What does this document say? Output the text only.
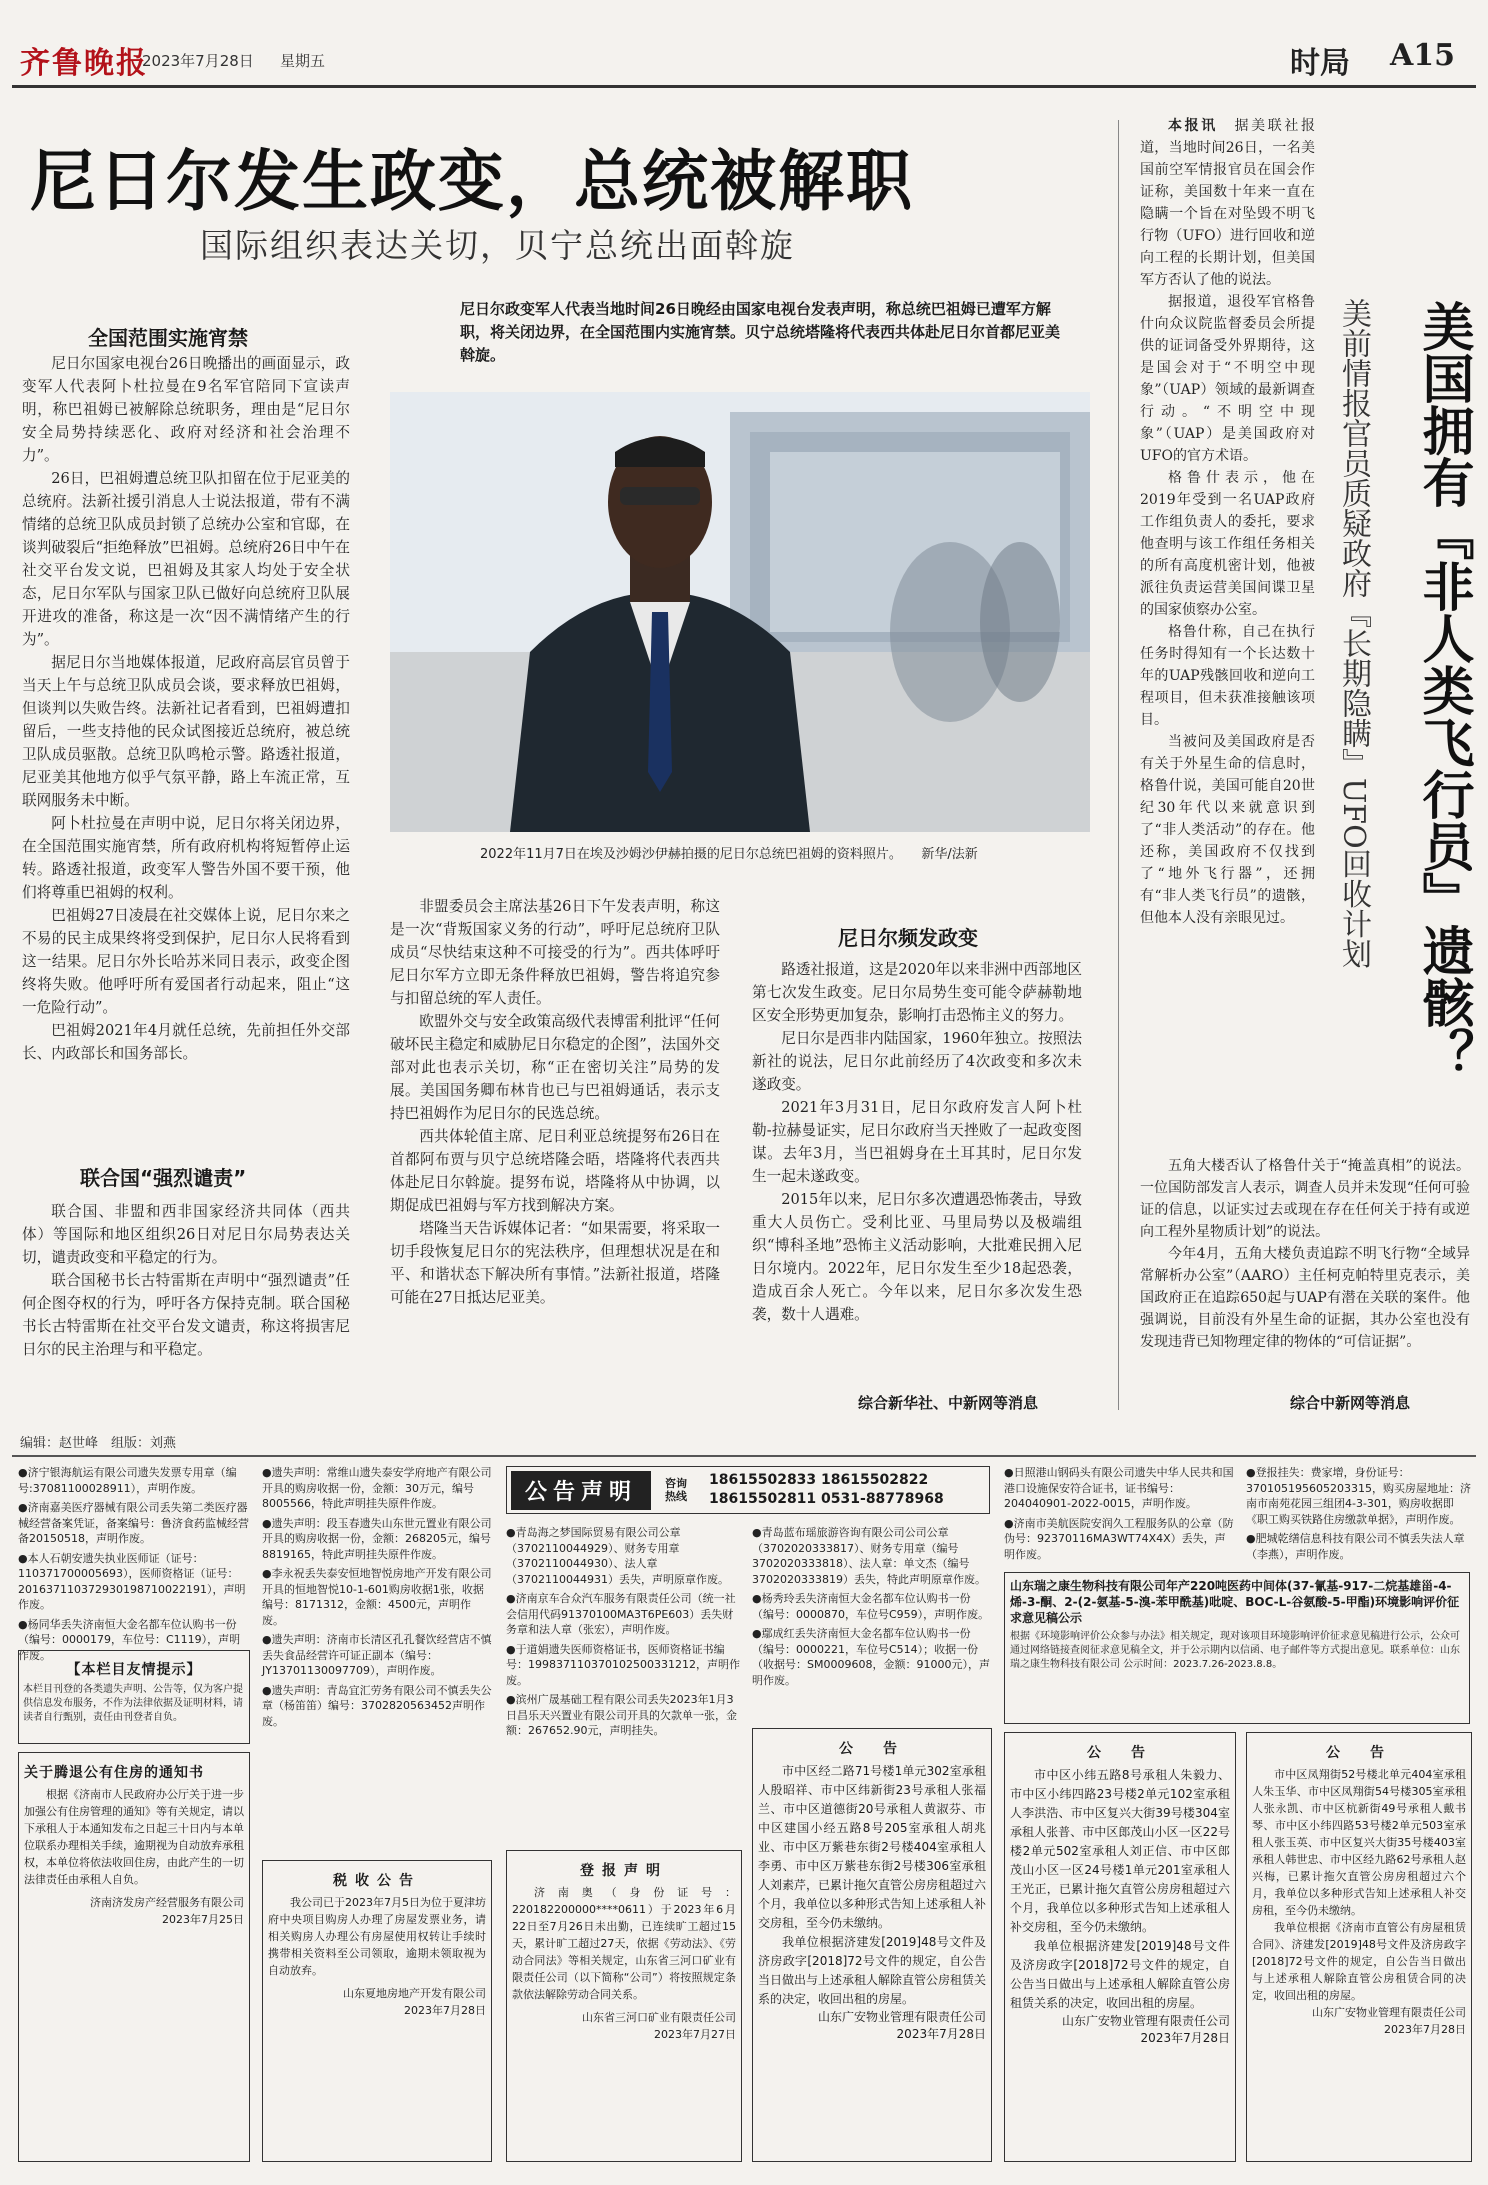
齐鲁晚报
2023年7月28日 星期五	时局 A15
尼日尔发生政变，总统被解职
国际组织表达关切，贝宁总统出面斡旋
尼日尔政变军人代表当地时间26日晚经由国家电视台发表声明，称总统巴祖姆已遭军方解职，将关闭边界，在全国范围内实施宵禁。贝宁总统塔隆将代表西共体赴尼日尔首都尼亚美斡旋。
2022年11月7日在埃及沙姆沙伊赫拍摄的尼日尔总统巴祖姆的资料照片。　　新华/法新
全国范围实施宵禁

尼日尔国家电视台26日晚播出的画面显示，政变军人代表阿卜杜拉曼在9名军官陪同下宣读声明，称巴祖姆已被解除总统职务，理由是“尼日尔安全局势持续恶化、政府对经济和社会治理不力”。

26日，巴祖姆遭总统卫队扣留在位于尼亚美的总统府。法新社援引消息人士说法报道，带有不满情绪的总统卫队成员封锁了总统办公室和官邸，在谈判破裂后“拒绝释放”巴祖姆。总统府26日中午在社交平台发文说，巴祖姆及其家人均处于安全状态，尼日尔军队与国家卫队已做好向总统府卫队展开进攻的准备，称这是一次“因不满情绪产生的行为”。

据尼日尔当地媒体报道，尼政府高层官员曾于当天上午与总统卫队成员会谈，要求释放巴祖姆，但谈判以失败告终。法新社记者看到，巴祖姆遭扣留后，一些支持他的民众试图接近总统府，被总统卫队成员驱散。总统卫队鸣枪示警。路透社报道，尼亚美其他地方似乎气氛平静，路上车流正常，互联网服务未中断。

阿卜杜拉曼在声明中说，尼日尔将关闭边界，在全国范围实施宵禁，所有政府机构将短暂停止运转。路透社报道，政变军人警告外国不要干预，他们将尊重巴祖姆的权利。

巴祖姆27日凌晨在社交媒体上说，尼日尔来之不易的民主成果终将受到保护，尼日尔人民将看到这一结果。尼日尔外长哈苏米同日表示，政变企图终将失败。他呼吁所有爱国者行动起来，阻止“这一危险行动”。

巴祖姆2021年4月就任总统，先前担任外交部长、内政部长和国务部长。

联合国“强烈谴责”

联合国、非盟和西非国家经济共同体（西共体）等国际和地区组织26日对尼日尔局势表达关切，谴责政变和平稳定的行为。

联合国秘书长古特雷斯在声明中“强烈谴责”任何企图夺权的行为，呼吁各方保持克制。联合国秘书长古特雷斯在社交平台发文谴责，称这将损害尼日尔的民主治理与和平稳定。

非盟委员会主席法基26日下午发表声明，称这是一次“背叛国家义务的行动”，呼吁尼总统府卫队成员“尽快结束这种不可接受的行为”。西共体呼吁尼日尔军方立即无条件释放巴祖姆，警告将追究参与扣留总统的军人责任。

欧盟外交与安全政策高级代表博雷利批评“任何破坏民主稳定和威胁尼日尔稳定的企图”，法国外交部对此也表示关切，称“正在密切关注”局势的发展。美国国务卿布林肯也已与巴祖姆通话，表示支持巴祖姆作为尼日尔的民选总统。

西共体轮值主席、尼日利亚总统提努布26日在首都阿布贾与贝宁总统塔隆会晤，塔隆将代表西共体赴尼日尔斡旋。提努布说，塔隆将从中协调，以期促成巴祖姆与军方找到解决方案。

塔隆当天告诉媒体记者：“如果需要，将采取一切手段恢复尼日尔的宪法秩序，但理想状况是在和平、和谐状态下解决所有事情。”法新社报道，塔隆可能在27日抵达尼亚美。

尼日尔频发政变

路透社报道，这是2020年以来非洲中西部地区第七次发生政变。尼日尔局势生变可能令萨赫勒地区安全形势更加复杂，影响打击恐怖主义的努力。

尼日尔是西非内陆国家，1960年独立。按照法新社的说法，尼日尔此前经历了4次政变和多次未遂政变。

2021年3月31日，尼日尔政府发言人阿卜杜勒-拉赫曼证实，尼日尔政府当天挫败了一起政变图谋。去年3月，当巴祖姆身在土耳其时，尼日尔发生一起未遂政变。

2015年以来，尼日尔多次遭遇恐怖袭击，导致重大人员伤亡。受利比亚、马里局势以及极端组织“博科圣地”恐怖主义活动影响，大批难民拥入尼日尔境内。2022年，尼日尔发生至少18起恐袭，造成百余人死亡。今年以来，尼日尔多次发生恐袭，数十人遇难。

综合新华社、中新网等消息
美国拥有『非人类飞行员』遗骸？
美前情报官员质疑政府『长期隐瞒』UFO回收计划

本报讯　 据美联社报道，当地时间26日，一名美国前空军情报官员在国会作证称，美国数十年来一直在隐瞒一个旨在对坠毁不明飞行物（UFO）进行回收和逆向工程的长期计划，但美国军方否认了他的说法。

据报道，退役军官格鲁什向众议院监督委员会所提供的证词备受外界期待，这是国会对于“不明空中现象”（UAP）领域的最新调查行动。“不明空中现象”（UAP）是美国政府对UFO的官方术语。

格鲁什表示，他在2019年受到一名UAP政府工作组负责人的委托，要求他查明与该工作组任务相关的所有高度机密计划，他被派往负责运营美国间谍卫星的国家侦察办公室。

格鲁什称，自己在执行任务时得知有一个长达数十年的UAP残骸回收和逆向工程项目，但未获准接触该项目。

当被问及美国政府是否有关于外星生命的信息时，格鲁什说，美国可能自20世纪30年代以来就意识到了“非人类活动”的存在。他还称，美国政府不仅找到了“地外飞行器”，还拥有“非人类飞行员”的遗骸，但他本人没有亲眼见过。

五角大楼否认了格鲁什关于“掩盖真相”的说法。一位国防部发言人表示，调查人员并未发现“任何可验证的信息，以证实过去或现在存在任何关于持有或逆向工程外星物质计划”的说法。

今年4月，五角大楼负责追踪不明飞行物“全域异常解析办公室”（AARO）主任柯克帕特里克表示，美国政府正在追踪650起与UAP有潜在关联的案件。他强调说，目前没有外星生命的证据，其办公室也没有发现违背已知物理定律的物体的“可信证据”。

综合中新网等消息
编辑：赵世峰　组版：刘燕

●济宁银海航运有限公司遗失发票专用章（编号:37081100028911），声明作废。

●济南嘉美医疗器械有限公司丢失第二类医疗器械经营备案凭证，备案编号：鲁济食药监械经营备20150518，声明作废。

●本人石朝安遗失执业医师证（证号：110371700005693），医师资格证（证号：201637110372930198710022191），声明作废。

●杨同华丢失济南恒大金名都车位认购书一份（编号：0000179，车位号：C1119），声明作废。

【本栏目友情提示】
本栏目刊登的各类遗失声明、公告等，仅为客户提供信息发布服务，不作为法律依据及证明材料，请读者自行甄别，责任由刊登者自负。
关于腾退公有住房的通知书

根据《济南市人民政府办公厅关于进一步加强公有住房管理的通知》等有关规定，请以下承租人于本通知发布之日起三十日内与本单位联系办理相关手续，逾期视为自动放弃承租权，本单位将依法收回住房，由此产生的一切法律责任由承租人自负。

济南济发房产经营服务有限公司
2023年7月25日

●遗失声明：常维山遗失泰安学府地产有限公司开具的购房收据一份，金额：30万元，编号8005566，特此声明挂失原件作废。

●遗失声明：段玉春遗失山东世元置业有限公司开具的购房收据一份，金额：268205元，编号8819165，特此声明挂失原件作废。

●李永祝丢失泰安恒地智悦房地产开发有限公司开具的恒地智悦10-1-601购房收据1张，收据编号：8171312，金额：4500元，声明作废。

●遗失声明：济南市长清区孔孔餐饮经营店不慎丢失食品经营许可证正副本（编号：JY13701130097709），声明作废。

●遗失声明：青岛宜汇劳务有限公司不慎丢失公章（杨笛笛）编号：3702820563452声明作废。

税收公告

我公司已于2023年7月5日为位于夏津坊府中央项目购房人办理了房屋发票业务，请相关购房人办理公有房屋使用权转让手续时携带相关资料至公司领取，逾期未领取视为自动放弃。

山东夏地房地产开发有限公司
2023年7月28日
公告声明	咨询热线
18615502833 18615502822
18615502811 0531-88778968

●青岛海之梦国际贸易有限公司公章（3702110044929）、财务专用章（3702110044930）、法人章（3702110044931）丢失，声明原章作废。

●济南京车合众汽车服务有限责任公司（统一社会信用代码91370100MA3T6PE603）丢失财务章和法人章（张宏），声明作废。

●于道娟遗失医师资格证书，医师资格证书编号：199837110370102500331212，声明作废。

●滨州广晟基础工程有限公司丢失2023年1月3日昌乐天兴置业有限公司开具的欠款单一张，金额：267652.90元，声明挂失。

登报声明

济南奥（身份证号：220182200000****0611）于2023年6月22日至7月26日未出勤，已连续旷工超过15天，累计旷工超过27天，依据《劳动法》、《劳动合同法》等相关规定，山东省三河口矿业有限责任公司（以下简称“公司”）将按照规定条款依法解除劳动合同关系。

山东省三河口矿业有限责任公司
2023年7月27日

●青岛蓝布瑶旅游咨询有限公司公司公章（3702020333817）、财务专用章（编号3702020333818）、法人章：单文杰（编号3702020333819）丢失，特此声明原章作废。

●杨秀玲丢失济南恒大金名都车位认购书一份（编号：0000870，车位号C959），声明作废。

●鄢成红丢失济南恒大金名都车位认购书一份（编号：0000221，车位号C514）；收据一份（收据号：SM0009608，金额：91000元），声明作废。

公　告

市中区经二路71号楼1单元302室承租人殷昭祥、市中区纬新街23号承租人张福兰、市中区道德街20号承租人黄淑芬、市中区建国小经五路8号205室承租人胡兆业、市中区万紫巷东街2号楼404室承租人李勇、市中区万紫巷东街2号楼306室承租人刘素芹，已累计拖欠直管公房房租超过六个月，我单位以多种形式告知上述承租人补交房租，至今仍未缴纳。

我单位根据济建发[2019]48号文件及济房政字[2018]72号文件的规定，自公告当日做出与上述承租人解除直管公房租赁关系的决定，收回出租的房屋。

山东广安物业管理有限责任公司
2023年7月28日

●日照港山钢码头有限公司遗失中华人民共和国港口设施保安符合证书，证书编号：204040901-2022-0015，声明作废。

●济南市美航医院安润久工程服务队的公章（防伪号：92370116MA3WT74X4X）丢失，声明作废。

山东瑞之康生物科技有限公司年产220吨医药中间体(37-氰基-917-二烷基雄甾-4-烯-3-酮、2-(2-氨基-5-溴-苯甲酰基)吡啶、BOC-L-谷氨酸-5-甲酯)环境影响评价征求意见稿公示
根据《环境影响评价公众参与办法》相关规定，现对该项目环境影响评价征求意见稿进行公示，公众可通过网络链接查阅征求意见稿全文，并于公示期内以信函、电子邮件等方式提出意见。联系单位：山东瑞之康生物科技有限公司 公示时间：2023.7.26-2023.8.8。
公　告

市中区小纬五路8号承租人朱毅力、市中区小纬四路23号楼2单元102室承租人李洪浩、市中区复兴大街39号楼304室承租人张普、市中区郎茂山小区一区22号楼2单元502室承租人刘正信、市中区郎茂山小区一区24号楼1单元201室承租人王光正，已累计拖欠直管公房房租超过六个月，我单位以多种形式告知上述承租人补交房租，至今仍未缴纳。

我单位根据济建发[2019]48号文件及济房政字[2018]72号文件的规定，自公告当日做出与上述承租人解除直管公房租赁关系的决定，收回出租的房屋。

山东广安物业管理有限责任公司
2023年7月28日

●登报挂失：费家增，身份证号：370105195605203315，购买房屋地址：济南市南苑花园三组团4-3-301，购房收据即《职工购买铁路住房缴款单据》，声明作废。

●肥城乾缮信息科技有限公司不慎丢失法人章（李燕），声明作废。

公　告

市中区凤翔街52号楼北单元404室承租人朱玉华、市中区凤翔街54号楼305室承租人张永凯、市中区杭新街49号承租人戴书琴、市中区小纬四路53号楼2单元503室承租人张玉英、市中区复兴大街35号楼403室承租人韩世忠、市中区经九路62号承租人赵兴梅，已累计拖欠直管公房房租超过六个月，我单位以多种形式告知上述承租人补交房租，至今仍未缴纳。

我单位根据《济南市直管公有房屋租赁合同》、济建发[2019]48号文件及济房政字[2018]72号文件的规定，自公告当日做出与上述承租人解除直管公房租赁合同的决定，收回出租的房屋。

山东广安物业管理有限责任公司
2023年7月28日
